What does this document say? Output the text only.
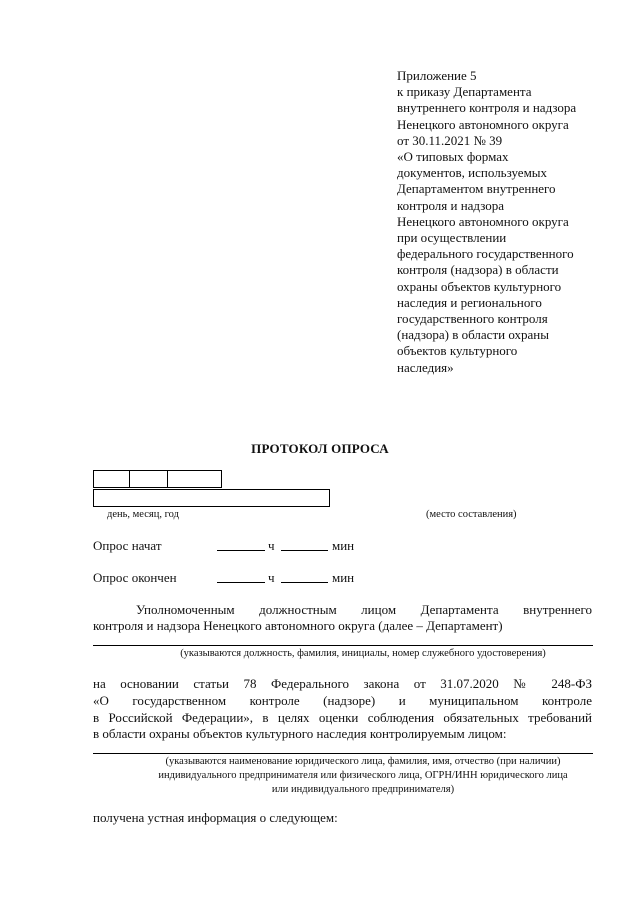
Приложение 5
к приказу Департамента
внутреннего контроля и надзора
Ненецкого автономного округа
от 30.11.2021 № 39
«О типовых формах
документов, используемых
Департаментом внутреннего
контроля и надзора
Ненецкого автономного округа
при осуществлении
федерального государственного
контроля (надзора) в области
охраны объектов культурного
наследия и регионального
государственного контроля
(надзора) в области охраны
объектов культурного
наследия»
ПРОТОКОЛ ОПРОСА
день, месяц, год	(место составления)
Опрос начат	ч	мин
Опрос окончен	ч	мин
Уполномоченным должностным лицом Департамента внутреннего
контроля и надзора Ненецкого автономного округа (далее – Департамент)
(указываются должность, фамилия, инициалы, номер служебного удостоверения)
на основании статьи 78 Федерального закона от 31.07.2020 № 248-ФЗ
«О государственном контроле (надзоре) и муниципальном контроле
в Российской Федерации», в целях оценки соблюдения обязательных требований
в области охраны объектов культурного наследия контролируемым лицом:
(указываются наименование юридического лица, фамилия, имя, отчество (при наличии)
индивидуального предпринимателя или физического лица, ОГРН/ИНН юридического лица
или индивидуального предпринимателя)
получена устная информация о следующем:
